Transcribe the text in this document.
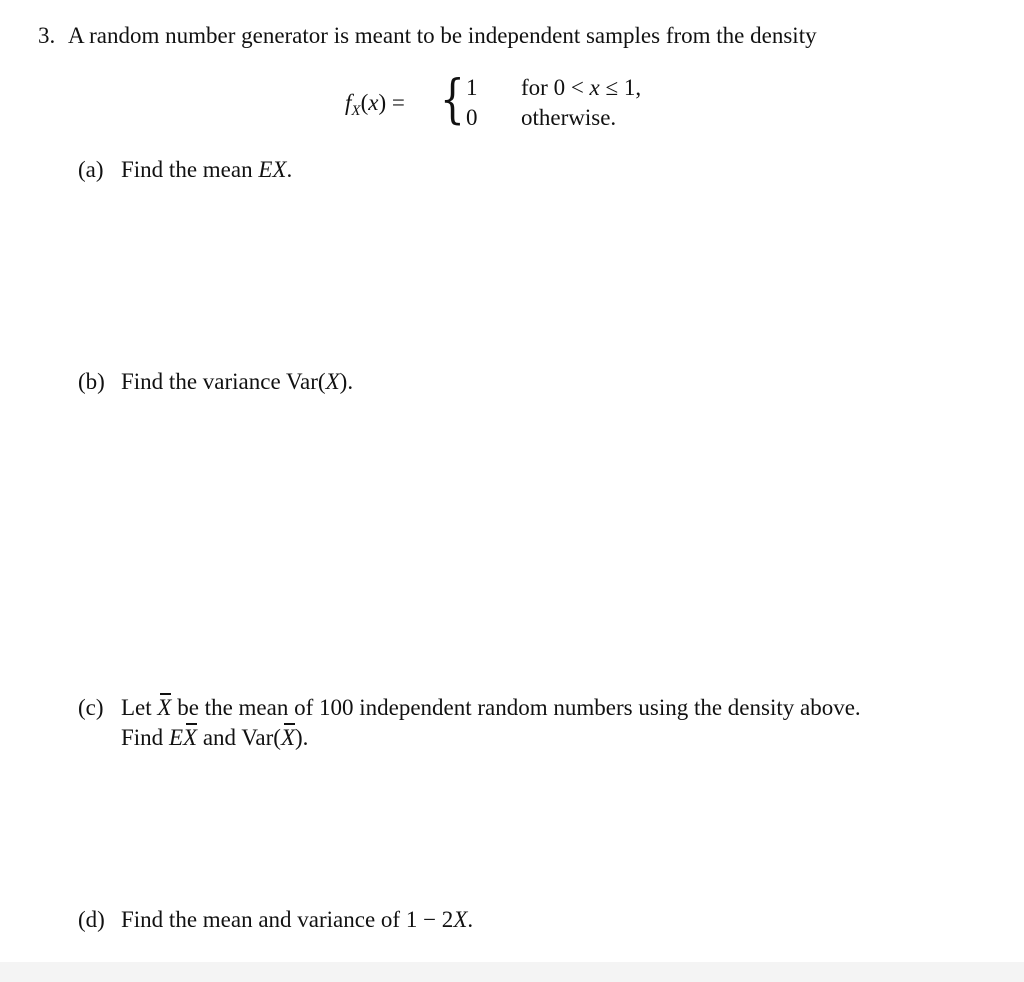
3. A random number generator is meant to be independent samples from the density
$f_X(x)$ = { 1
0
for 0 < x ≤ 1,
otherwise.
(a) Find the mean EX.
(b) Find the variance Var(X).
(c) Let X be the mean of 100 independent random numbers using the density above.
Find EX and Var(X).
(d) Find the mean and variance of 1 − 2X.
